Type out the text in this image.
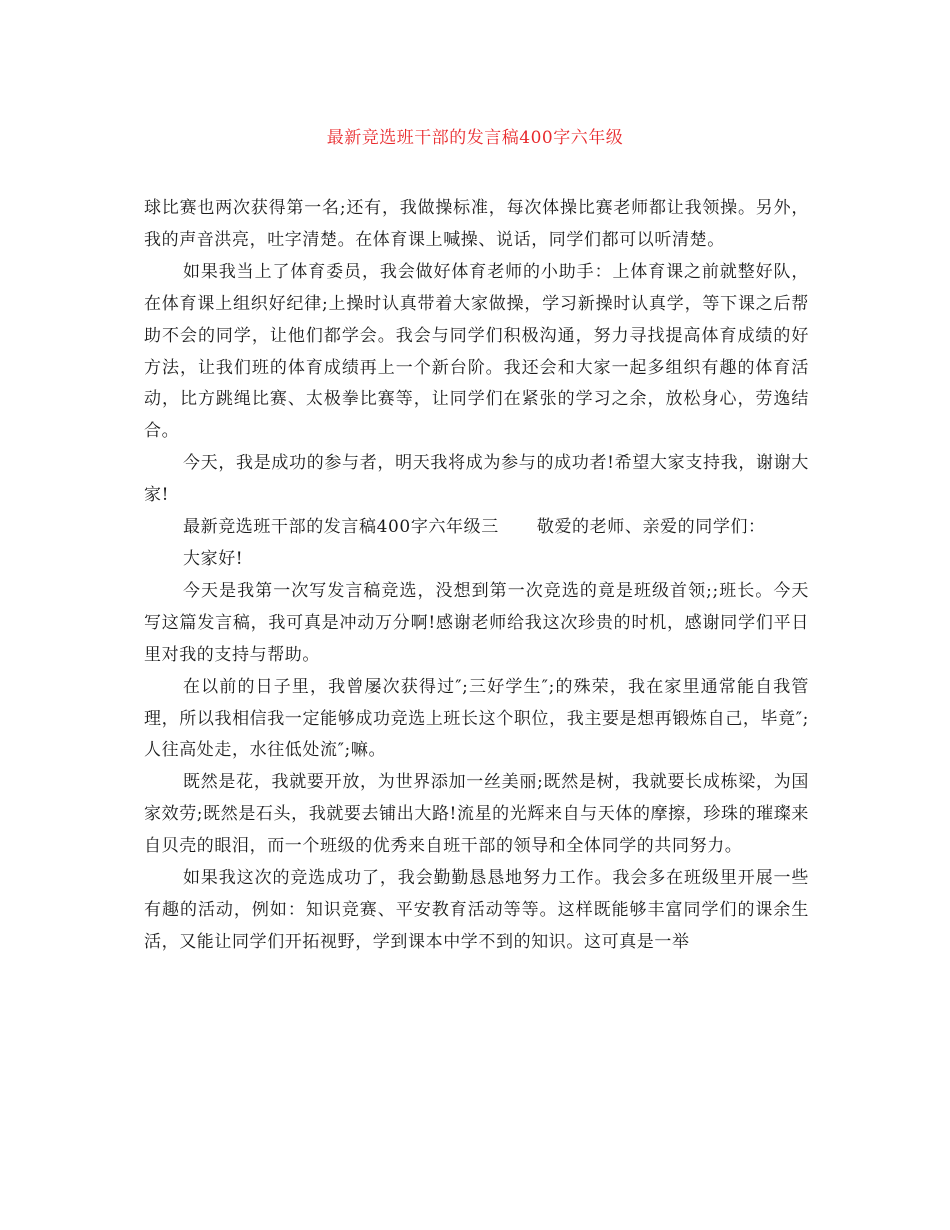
最新竞选班干部的发言稿400字六年级

球比赛也两次获得第一名;还有，我做操标准，每次体操比赛老师都让我领操。另外，我的声音洪亮，吐字清楚。在体育课上喊操、说话，同学们都可以听清楚。

如果我当上了体育委员，我会做好体育老师的小助手：上体育课之前就整好队，在体育课上组织好纪律;上操时认真带着大家做操，学习新操时认真学，等下课之后帮助不会的同学，让他们都学会。我会与同学们积极沟通，努力寻找提高体育成绩的好方法，让我们班的体育成绩再上一个新台阶。我还会和大家一起多组织有趣的体育活动，比方跳绳比赛、太极拳比赛等，让同学们在紧张的学习之余，放松身心，劳逸结合。

今天，我是成功的参与者，明天我将成为参与的成功者!希望大家支持我，谢谢大家!

最新竞选班干部的发言稿400字六年级三 敬爱的老师、亲爱的同学们：

大家好!

今天是我第一次写发言稿竞选，没想到第一次竞选的竟是班级首领;;班长。今天写这篇发言稿，我可真是冲动万分啊!感谢老师给我这次珍贵的时机，感谢同学们平日里对我的支持与帮助。

在以前的日子里，我曾屡次获得过″;三好学生″;的殊荣，我在家里通常能自我管理，所以我相信我一定能够成功竞选上班长这个职位，我主要是想再锻炼自己，毕竟″;人往高处走，水往低处流″;嘛。

既然是花，我就要开放，为世界添加一丝美丽;既然是树，我就要长成栋梁，为国家效劳;既然是石头，我就要去铺出大路!流星的光辉来自与天体的摩擦，珍珠的璀璨来自贝壳的眼泪，而一个班级的优秀来自班干部的领导和全体同学的共同努力。

如果我这次的竞选成功了，我会勤勤恳恳地努力工作。我会多在班级里开展一些有趣的活动，例如：知识竞赛、平安教育活动等等。这样既能够丰富同学们的课余生活，又能让同学们开拓视野，学到课本中学不到的知识。这可真是一举
